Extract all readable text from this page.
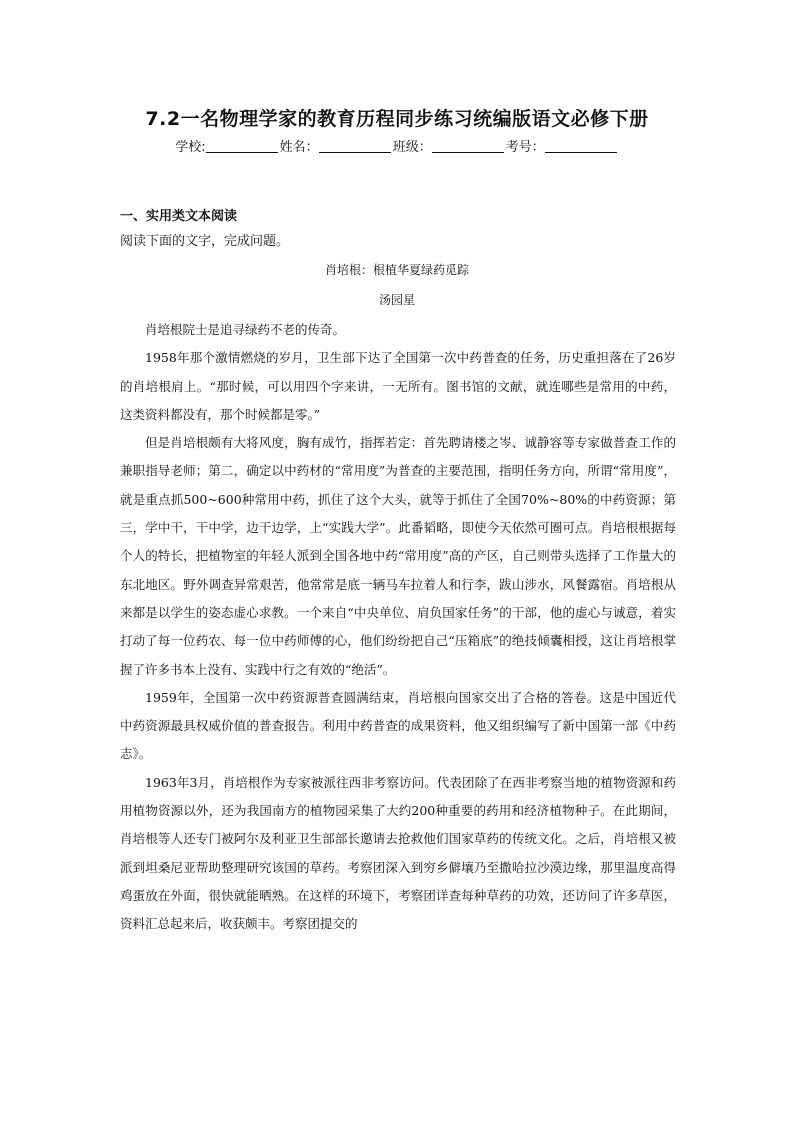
7.2一名物理学家的教育历程同步练习统编版语文必修下册
学校:	姓名：	班级：	考号：
一、实用类文本阅读
阅读下面的文字，完成问题。
肖培根：根植华夏绿药觅踪
汤园星

肖培根院士是追寻绿药不老的传奇。

1958年那个激情燃烧的岁月，卫生部下达了全国第一次中药普查的任务，历史重担落在了26岁的肖培根肩上。“那时候，可以用四个字来讲，一无所有。图书馆的文献，就连哪些是常用的中药，这类资料都没有，那个时候都是零。”

但是肖培根颇有大将风度，胸有成竹，指挥若定：首先聘请楼之岑、诚静容等专家做普查工作的兼职指导老师；第二，确定以中药材的“常用度”为普查的主要范围，指明任务方向，所谓“常用度”，就是重点抓500~600种常用中药，抓住了这个大头，就等于抓住了全国70%~80%的中药资源；第三，学中干，干中学，边干边学，上“实践大学”。此番韬略，即使今天依然可圈可点。肖培根根据每个人的特长，把植物室的年轻人派到全国各地中药“常用度”高的产区，自己则带头选择了工作量大的东北地区。野外调查异常艰苦，他常常是底一辆马车拉着人和行李，跋山涉水，风餐露宿。肖培根从来都是以学生的姿态虚心求教。一个来自“中央单位、肩负国家任务”的干部，他的虚心与诚意，着实打动了每一位药农、每一位中药师傅的心，他们纷纷把自己“压箱底”的绝技倾囊相授，这让肖培根掌握了许多书本上没有、实践中行之有效的“绝活”。

1959年，全国第一次中药资源普查圆满结束，肖培根向国家交出了合格的答卷。这是中国近代中药资源最具权威价值的普查报告。利用中药普查的成果资料，他又组织编写了新中国第一部《中药志》。

1963年3月，肖培根作为专家被派往西非考察访问。代表团除了在西非考察当地的植物资源和药用植物资源以外，还为我国南方的植物园采集了大约200种重要的药用和经济植物种子。在此期间，肖培根等人还专门被阿尔及利亚卫生部部长邀请去抢救他们国家草药的传统文化。之后，肖培根又被派到坦桑尼亚帮助整理研究该国的草药。考察团深入到穷乡僻壤乃至撒哈拉沙漠边缘，那里温度高得鸡蛋放在外面，很快就能晒熟。在这样的环境下，考察团详查每种草药的功效，还访问了许多草医，资料汇总起来后，收获颇丰。考察团提交的
